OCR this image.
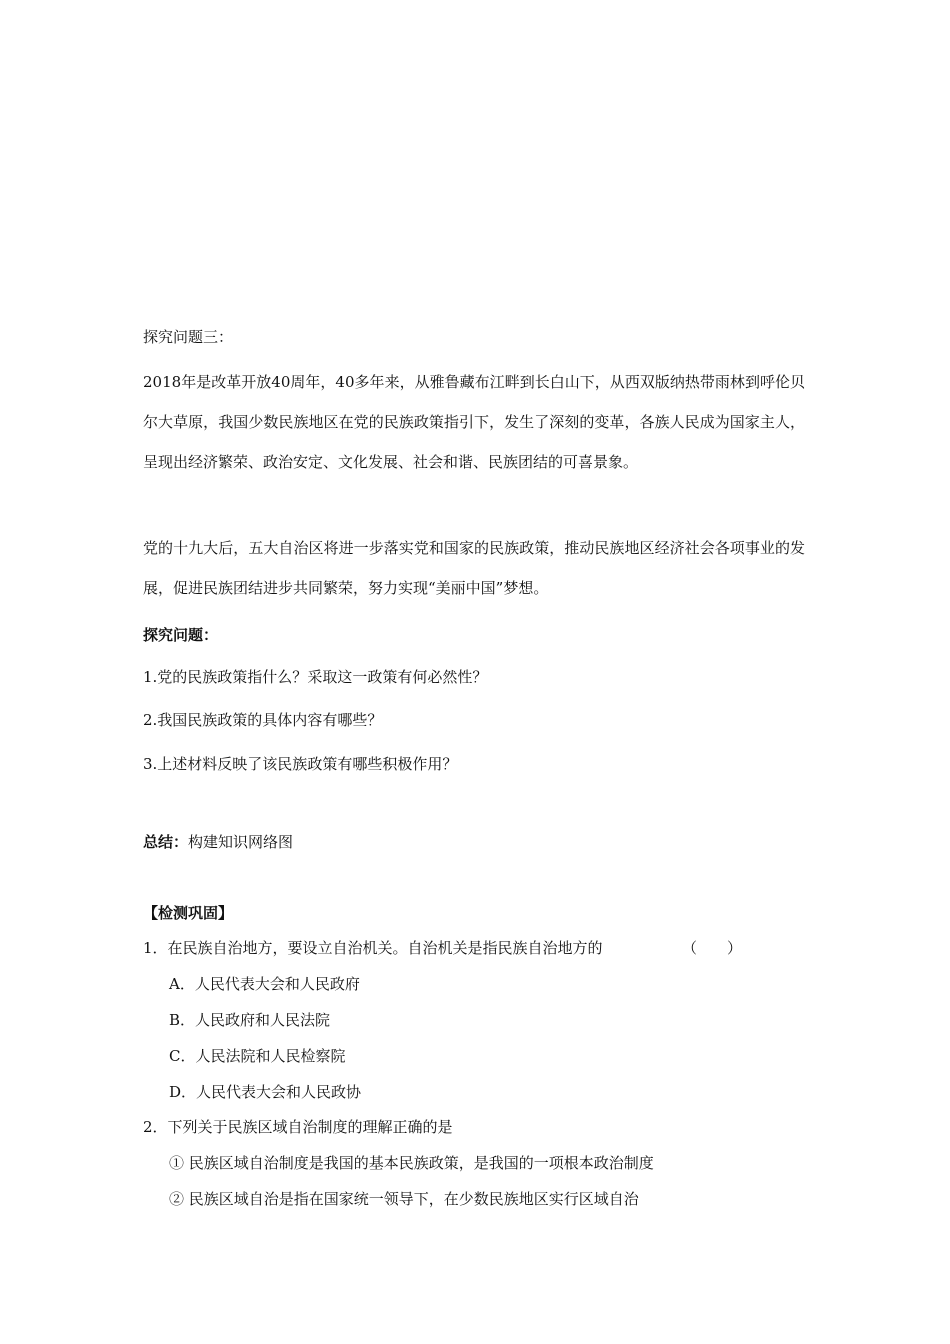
探究问题三：

2018年是改革开放40周年，40多年来，从雅鲁藏布江畔到长白山下，从西双版纳热带雨林到呼伦贝尔大草原，我国少数民族地区在党的民族政策指引下，发生了深刻的变革，各族人民成为国家主人，呈现出经济繁荣、政治安定、文化发展、社会和谐、民族团结的可喜景象。

党的十九大后，五大自治区将进一步落实党和国家的民族政策，推动民族地区经济社会各项事业的发展，促进民族团结进步共同繁荣，努力实现“美丽中国”梦想。

探究问题：
1.党的民族政策指什么？采取这一政策有何必然性？
2.我国民族政策的具体内容有哪些？
3.上述材料反映了该民族政策有哪些积极作用？
总结：构建知识网络图
【检测巩固】
1．在民族自治地方，要设立自治机关。自治机关是指民族自治地方的	（　　）
A．人民代表大会和人民政府
B．人民政府和人民法院
C．人民法院和人民检察院
D．人民代表大会和人民政协
2．下列关于民族区域自治制度的理解正确的是
① 民族区域自治制度是我国的基本民族政策，是我国的一项根本政治制度
② 民族区域自治是指在国家统一领导下，在少数民族地区实行区域自治
